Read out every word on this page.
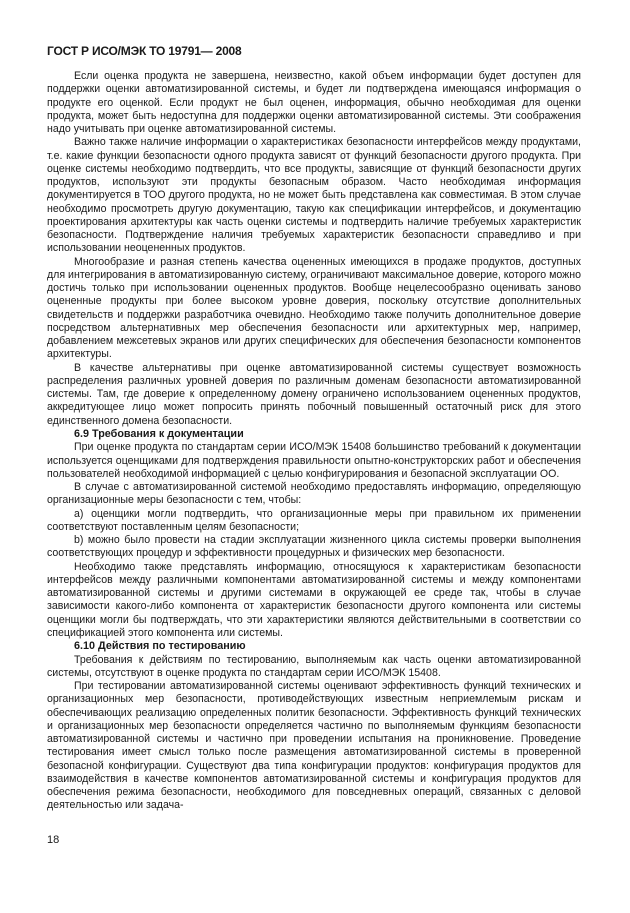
ГОСТ Р ИСО/МЭК ТО 19791— 2008

Если оценка продукта не завершена, неизвестно, какой объем информации будет доступен для поддержки оценки автоматизированной системы, и будет ли подтверждена имеющаяся информация о продукте его оценкой. Если продукт не был оценен, информация, обычно необходимая для оценки продукта, может быть недоступна для поддержки оценки автоматизированной системы. Эти соображения надо учитывать при оценке автоматизированной системы.

Важно также наличие информации о характеристиках безопасности интерфейсов между продуктами, т.е. какие функции безопасности одного продукта зависят от функций безопасности другого продукта. При оценке системы необходимо подтвердить, что все продукты, зависящие от функций безопасности других продуктов, используют эти продукты безопасным образом. Часто необходимая информация документируется в ТОО другого продукта, но не может быть представлена как совместимая. В этом случае необходимо просмотреть другую документацию, такую как спецификации интерфейсов, и документацию проектирования архитектуры как часть оценки системы и подтвердить наличие требуемых характеристик безопасности. Подтверждение наличия требуемых характеристик безопасности справедливо и при использовании неоцененных продуктов.

Многообразие и разная степень качества оцененных имеющихся в продаже продуктов, доступных для интегрирования в автоматизированную систему, ограничивают максимальное доверие, которого можно достичь только при использовании оцененных продуктов. Вообще нецелесообразно оценивать заново оцененные продукты при более высоком уровне доверия, поскольку отсутствие дополнительных свидетельств и поддержки разработчика очевидно. Необходимо также получить дополнительное доверие посредством альтернативных мер обеспечения безопасности или архитектурных мер, например, добавлением межсетевых экранов или других специфических для обеспечения безопасности компонентов архитектуры.

В качестве альтернативы при оценке автоматизированной системы существует возможность распределения различных уровней доверия по различным доменам безопасности автоматизированной системы. Там, где доверие к определенному домену ограничено использованием оцененных продуктов, аккредитующее лицо может попросить принять побочный повышенный остаточный риск для этого единственного домена безопасности.

6.9 Требования к документации

При оценке продукта по стандартам серии ИСО/МЭК 15408 большинство требований к документации используется оценщиками для подтверждения правильности опытно-конструкторских работ и обеспечения пользователей необходимой информацией с целью конфигурирования и безопасной эксплуатации ОО.

В случае с автоматизированной системой необходимо предоставлять информацию, определяющую организационные меры безопасности с тем, чтобы:

a) оценщики могли подтвердить, что организационные меры при правильном их применении соответствуют поставленным целям безопасности;

b) можно было провести на стадии эксплуатации жизненного цикла системы проверки выполнения соответствующих процедур и эффективности процедурных и физических мер безопасности.

Необходимо также представлять информацию, относящуюся к характеристикам безопасности интерфейсов между различными компонентами автоматизированной системы и между компонентами автоматизированной системы и другими системами в окружающей ее среде так, чтобы в случае зависимости какого-либо компонента от характеристик безопасности другого компонента или системы оценщики могли бы подтверждать, что эти характеристики являются действительными в соответствии со спецификацией этого компонента или системы.

6.10 Действия по тестированию

Требования к действиям по тестированию, выполняемым как часть оценки автоматизированной системы, отсутствуют в оценке продукта по стандартам серии ИСО/МЭК 15408.

При тестировании автоматизированной системы оценивают эффективность функций технических и организационных мер безопасности, противодействующих известным неприемлемым рискам и обеспечивающих реализацию определенных политик безопасности. Эффективность функций технических и организационных мер безопасности определяется частично по выполняемым функциям безопасности автоматизированной системы и частично при проведении испытания на проникновение. Проведение тестирования имеет смысл только после размещения автоматизированной системы в проверенной безопасной конфигурации. Существуют два типа конфигурации продуктов: конфигурация продуктов для взаимодействия в качестве компонентов автоматизированной системы и конфигурация продуктов для обеспечения режима безопасности, необходимого для повседневных операций, связанных с деловой деятельностью или задача-

18
